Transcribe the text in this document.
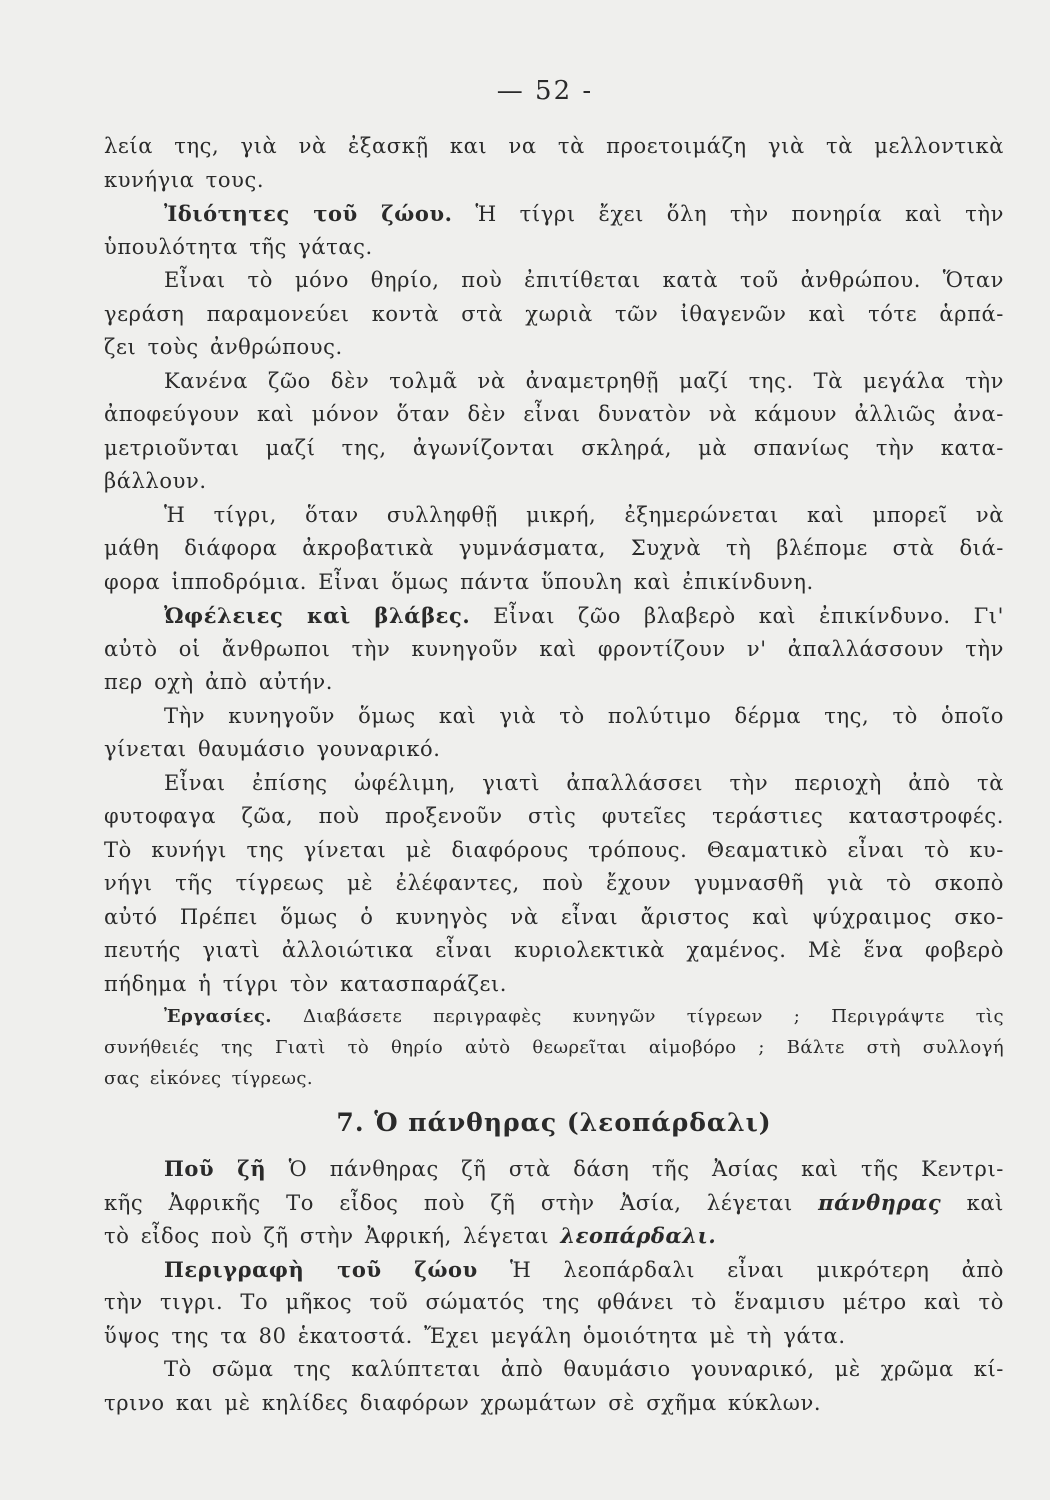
— 52 -
λεία της, γιὰ νὰ ἐξασκῇ και να τὰ προετοιμάζη γιὰ τὰ μελλοντικὰ
κυνήγια τους.
Ἰδιότητες τοῦ ζώου. Ἡ τίγρι ἔχει ὅλη τὴν πονηρία καὶ τὴν
ὑπουλότητα τῆς γάτας.
Εἶναι τὸ μόνο θηρίο, ποὺ ἐπιτίθεται κατὰ τοῦ ἀνθρώπου. Ὅταν
γεράση παραμονεύει κοντὰ στὰ χωριὰ τῶν ἰθαγενῶν καὶ τότε ἁρπά-
ζει τοὺς ἀνθρώπους.
Κανένα ζῶο δὲν τολμᾶ νὰ ἀναμετρηθῇ μαζί της. Τὰ μεγάλα τὴν
ἀποφεύγουν καὶ μόνον ὅταν δὲν εἶναι δυνατὸν νὰ κάμουν ἀλλιῶς ἀνα-
μετριοῦνται μαζί της, ἀγωνίζονται σκληρά, μὰ σπανίως τὴν κατα-
βάλλουν.
Ἡ τίγρι, ὅταν συλληφθῇ μικρή, ἐξημερώνεται καὶ μπορεῖ νὰ
μάθη διάφορα ἀκροβατικὰ γυμνάσματα, Συχνὰ τὴ βλέπομε στὰ διά-
φορα ἱπποδρόμια. Εἶναι ὅμως πάντα ὕπουλη καὶ ἐπικίνδυνη.
Ὠφέλειες καὶ βλάβες. Εἶναι ζῶο βλαβερὸ καὶ ἐπικίνδυνο. Γι'
αὐτὸ οἱ ἄνθρωποι τὴν κυνηγοῦν καὶ φροντίζουν ν' ἀπαλλάσσουν τὴν
περ οχὴ ἀπὸ αὐτήν.
Τὴν κυνηγοῦν ὅμως καὶ γιὰ τὸ πολύτιμο δέρμα της, τὸ ὁποῖο
γίνεται θαυμάσιο γουναρικό.
Εἶναι ἐπίσης ὠφέλιμη, γιατὶ ἀπαλλάσσει τὴν περιοχὴ ἀπὸ τὰ
φυτοφαγα ζῶα, ποὺ προξενοῦν στὶς φυτεῖες τεράστιες καταστροφές.
Τὸ κυνήγι της γίνεται μὲ διαφόρους τρόπους. Θεαματικὸ εἶναι τὸ κυ-
νήγι τῆς τίγρεως μὲ ἐλέφαντες, ποὺ ἔχουν γυμνασθῆ γιὰ τὸ σκοπὸ
αὐτό Πρέπει ὅμως ὁ κυνηγὸς νὰ εἶναι ἄριστος καὶ ψύχραιμος σκο-
πευτής γιατὶ ἀλλοιώτικα εἶναι κυριολεκτικὰ χαμένος. Μὲ ἕνα φοβερὸ
πήδημα ἡ τίγρι τὸν κατασπαράζει.
Ἐργασίες. Διαβάσετε περιγραφὲς κυνηγῶν τίγρεων ; Περιγράψτε τὶς
συνήθειές της Γιατὶ τὸ θηρίο αὐτὸ θεωρεῖται αἱμοβόρο ; Βάλτε στὴ συλλογή
σας εἰκόνες τίγρεως.
7. Ὁ πάνθηρας (λεοπάρδαλι)
Ποῦ ζῆ Ὁ πάνθηρας ζῆ στὰ δάση τῆς Ἀσίας καὶ τῆς Κεντρι-
κῆς Ἀφρικῆς Το εἶδος ποὺ ζῆ στὴν Ἀσία, λέγεται πάνθηρας καὶ
τὸ εἶδος ποὺ ζῆ στὴν Ἀφρική, λέγεται λεοπάρδαλι.
Περιγραφὴ τοῦ ζώου Ἡ λεοπάρδαλι εἶναι μικρότερη ἀπὸ
τὴν τιγρι. Το μῆκος τοῦ σώματός της φθάνει τὸ ἕναμισυ μέτρο καὶ τὸ
ὕψος της τα 80 ἑκατοστά. Ἔχει μεγάλη ὁμοιότητα μὲ τὴ γάτα.
Τὸ σῶμα της καλύπτεται ἀπὸ θαυμάσιο γουναρικό, μὲ χρῶμα κί-
τρινο και μὲ κηλίδες διαφόρων χρωμάτων σὲ σχῆμα κύκλων.
